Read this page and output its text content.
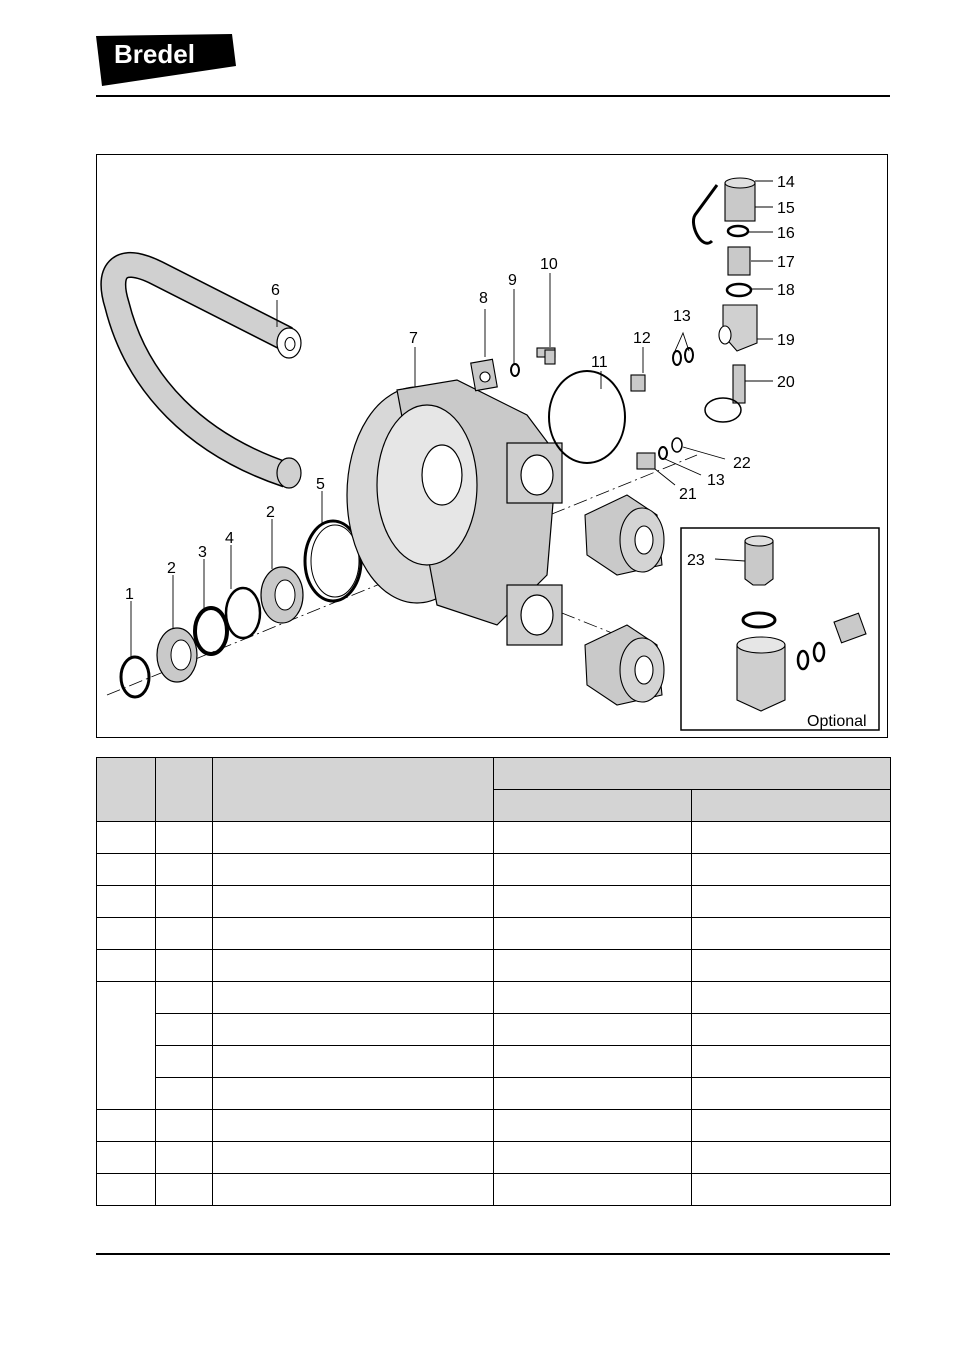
Bredel
1
2
3
4
2
5
6
7
8
9
10
11
12
13
13
14
15
16
17
18
19
20
21
22
23
Optional
